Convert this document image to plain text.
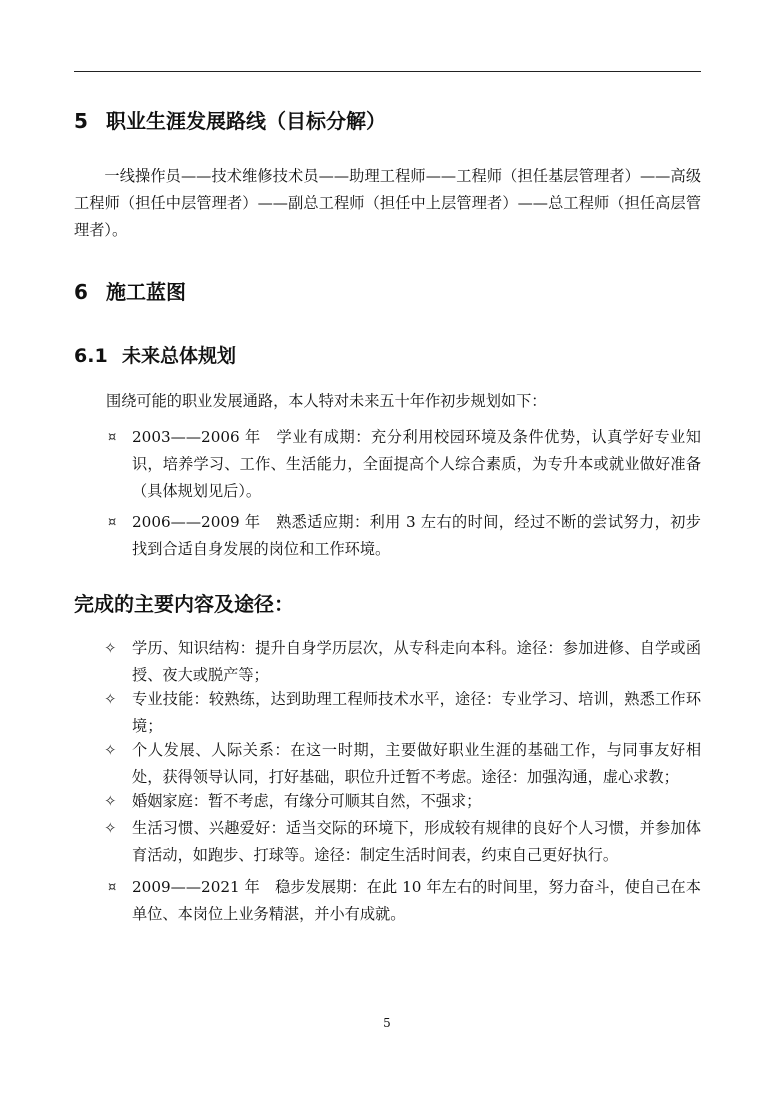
5 职业生涯发展路线（目标分解）
一线操作员——技术维修技术员——助理工程师——工程师（担任基层管理者）——高级工程师（担任中层管理者）——副总工程师（担任中上层管理者）——总工程师（担任高层管理者）。
6 施工蓝图
6.1 未来总体规划
围绕可能的职业发展通路，本人特对未来五十年作初步规划如下：
¤ 2003——2006 年　学业有成期：充分利用校园环境及条件优势，认真学好专业知识，培养学习、工作、生活能力，全面提高个人综合素质，为专升本或就业做好准备（具体规划见后）。
¤ 2006——2009 年　熟悉适应期：利用 3 左右的时间，经过不断的尝试努力，初步找到合适自身发展的岗位和工作环境。
完成的主要内容及途径：
✧ 学历、知识结构：提升自身学历层次，从专科走向本科。途径：参加进修、自学或函授、夜大或脱产等；
✧ 专业技能：较熟练，达到助理工程师技术水平，途径：专业学习、培训，熟悉工作环境；
✧ 个人发展、人际关系：在这一时期，主要做好职业生涯的基础工作，与同事友好相处，获得领导认同，打好基础，职位升迁暂不考虑。途径：加强沟通，虚心求教；
✧ 婚姻家庭：暂不考虑，有缘分可顺其自然，不强求；
✧ 生活习惯、兴趣爱好：适当交际的环境下，形成较有规律的良好个人习惯，并参加体育活动，如跑步、打球等。途径：制定生活时间表，约束自己更好执行。
¤ 2009——2021 年　稳步发展期：在此 10 年左右的时间里，努力奋斗，使自己在本单位、本岗位上业务精湛，并小有成就。
5
